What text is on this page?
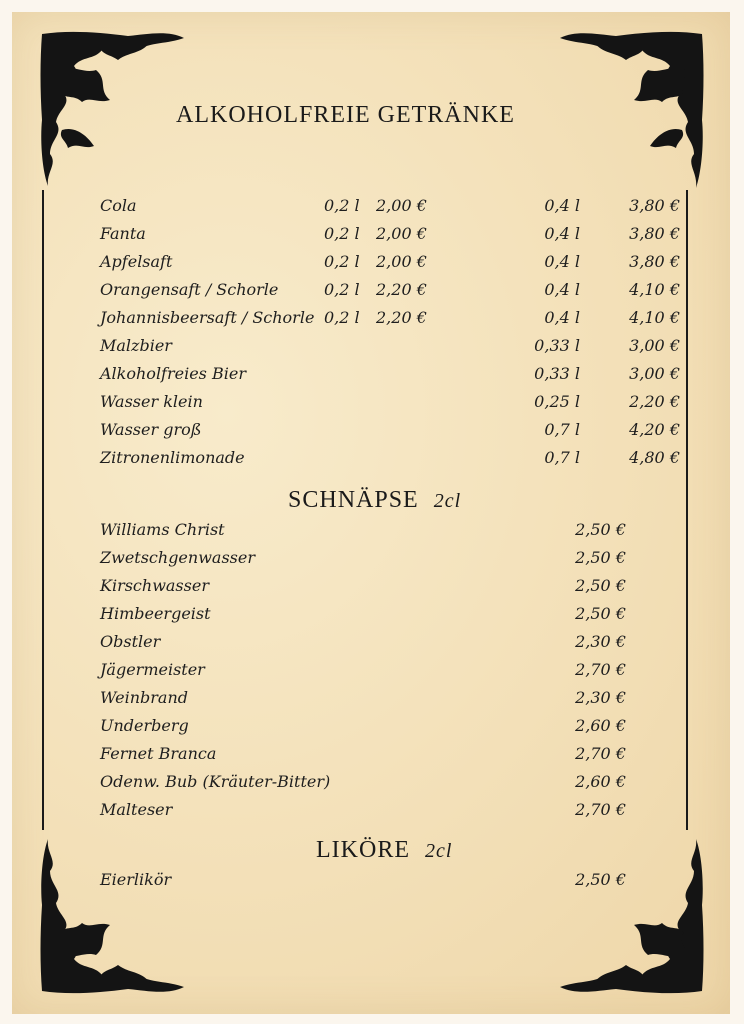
ALKOHOLFREIE GETRÄNKE
Cola	0,2 l 2,00 €	0,4 l	3,80 €
Fanta	0,2 l 2,00 €	0,4 l	3,80 €
Apfelsaft	0,2 l 2,00 €	0,4 l	3,80 €
Orangensaft / Schorle	0,2 l 2,20 €	0,4 l	4,10 €
Johannisbeersaft / Schorle 0,2 l 2,20 €	0,4 l	4,10 €
Malzbier	0,33 l	3,00 €
Alkoholfreies Bier	0,33 l	3,00 €
Wasser klein	0,25 l	2,20 €
Wasser groß	0,7 l	4,20 €
Zitronenlimonade	0,7 l	4,80 €
SCHNÄPSE 2cl
Williams Christ	2,50 €
Zwetschgenwasser	2,50 €
Kirschwasser	2,50 €
Himbeergeist	2,50 €
Obstler	2,30 €
Jägermeister	2,70 €
Weinbrand	2,30 €
Underberg	2,60 €
Fernet Branca	2,70 €
Odenw. Bub (Kräuter-Bitter)	2,60 €
Malteser	2,70 €
LIKÖRE 2cl
Eierlikör	2,50 €
